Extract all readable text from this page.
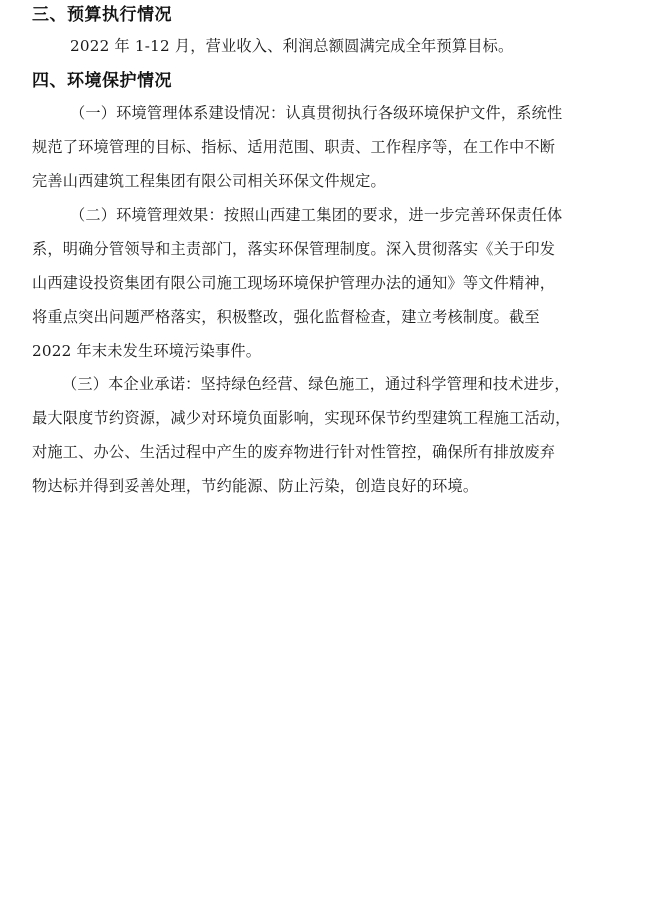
三、预算执行情况
2022 年 1-12 月，营业收入、利润总额圆满完成全年预算目标。
四、环境保护情况
（一）环境管理体系建设情况：认真贯彻执行各级环境保护文件，系统性
规范了环境管理的目标、指标、适用范围、职责、工作程序等，在工作中不断
完善山西建筑工程集团有限公司相关环保文件规定。
（二）环境管理效果：按照山西建工集团的要求，进一步完善环保责任体
系，明确分管领导和主责部门，落实环保管理制度。深入贯彻落实《关于印发
山西建设投资集团有限公司施工现场环境保护管理办法的通知》等文件精神，
将重点突出问题严格落实，积极整改，强化监督检查，建立考核制度。截至
2022 年末未发生环境污染事件。
（三）本企业承诺：坚持绿色经营、绿色施工，通过科学管理和技术进步，
最大限度节约资源，减少对环境负面影响，实现环保节约型建筑工程施工活动，
对施工、办公、生活过程中产生的废弃物进行针对性管控，确保所有排放废弃
物达标并得到妥善处理，节约能源、防止污染，创造良好的环境。
